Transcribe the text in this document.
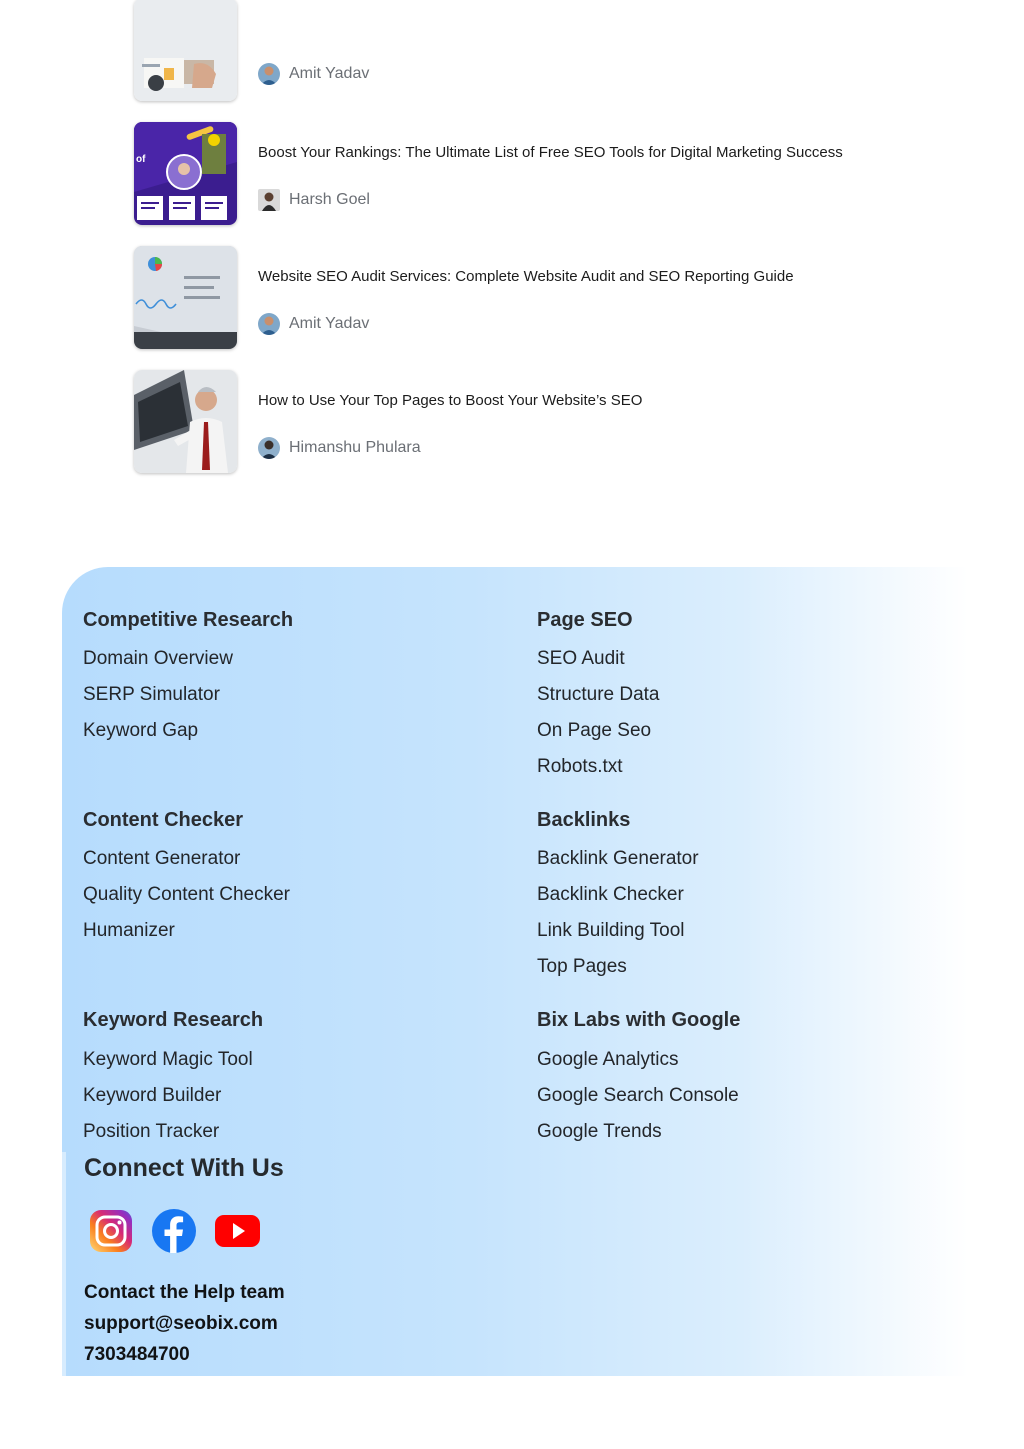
Amit Yadav
of	Boost Your Rankings: The Ultimate List of Free SEO Tools for Digital Marketing Success
Harsh Goel
Website SEO Audit Services: Complete Website Audit and SEO Reporting Guide
Amit Yadav
How to Use Your Top Pages to Boost Your Website’s SEO
Himanshu Phulara
Competitive Research
Domain Overview
SERP Simulator
Keyword Gap
Page SEO
SEO Audit
Structure Data
On Page Seo
Robots.txt
Content Checker
Content Generator
Quality Content Checker
Humanizer
Backlinks
Backlink Generator
Backlink Checker
Link Building Tool
Top Pages
Keyword Research
Keyword Magic Tool
Keyword Builder
Position Tracker
Bix Labs with Google
Google Analytics
Google Search Console
Google Trends
Connect With Us
Contact the Help team
support@seobix.com
7303484700
